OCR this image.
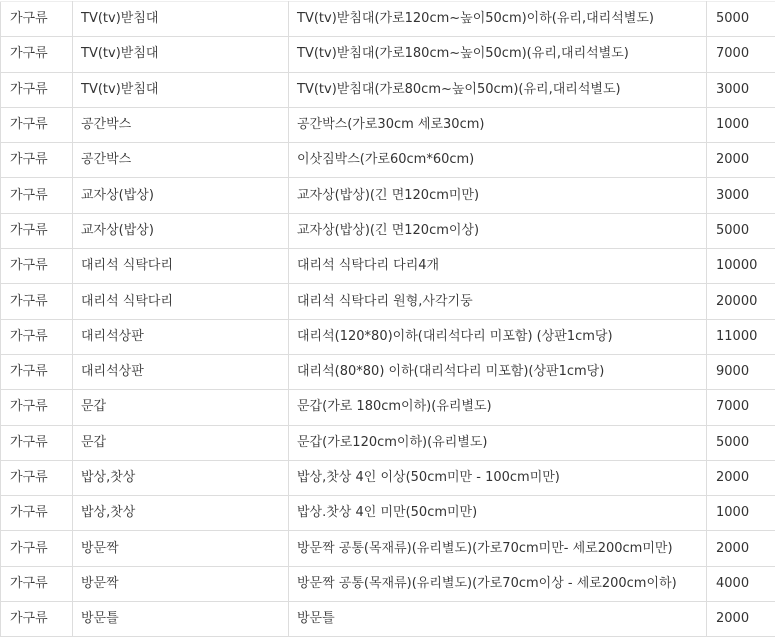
가구류	TV(tv)받침대	TV(tv)받침대(가로120cm~높이50cm)이하(유리,대리석별도)	5000
가구류	TV(tv)받침대	TV(tv)받침대(가로180cm~높이50cm)(유리,대리석별도)	7000
가구류	TV(tv)받침대	TV(tv)받침대(가로80cm~높이50cm)(유리,대리석별도)	3000
가구류	공간박스	공간박스(가로30cm 세로30cm)	1000
가구류	공간박스	이삿짐박스(가로60cm*60cm)	2000
가구류	교자상(밥상)	교자상(밥상)(긴 면120cm미만)	3000
가구류	교자상(밥상)	교자상(밥상)(긴 면120cm이상)	5000
가구류	대리석 식탁다리	대리석 식탁다리 다리4개	10000
가구류	대리석 식탁다리	대리석 식탁다리 원형,사각기둥	20000
가구류	대리석상판	대리석(120*80)이하(대리석다리 미포함) (상판1cm당)	11000
가구류	대리석상판	대리석(80*80) 이하(대리석다리 미포함)(상판1cm당)	9000
가구류	문갑	문갑(가로 180cm이하)(유리별도)	7000
가구류	문갑	문갑(가로120cm이하)(유리별도)	5000
가구류	밥상,찻상	밥상,찻상 4인 이상(50cm미만 - 100cm미만)	2000
가구류	밥상,찻상	밥상.찻상 4인 미만(50cm미만)	1000
가구류	방문짝	방문짝 공통(목재류)(유리별도)(가로70cm미만- 세로200cm미만)	2000
가구류	방문짝	방문짝 공통(목재류)(유리별도)(가로70cm이상 - 세로200cm이하)	4000
가구류	방문틀	방문틀	2000
